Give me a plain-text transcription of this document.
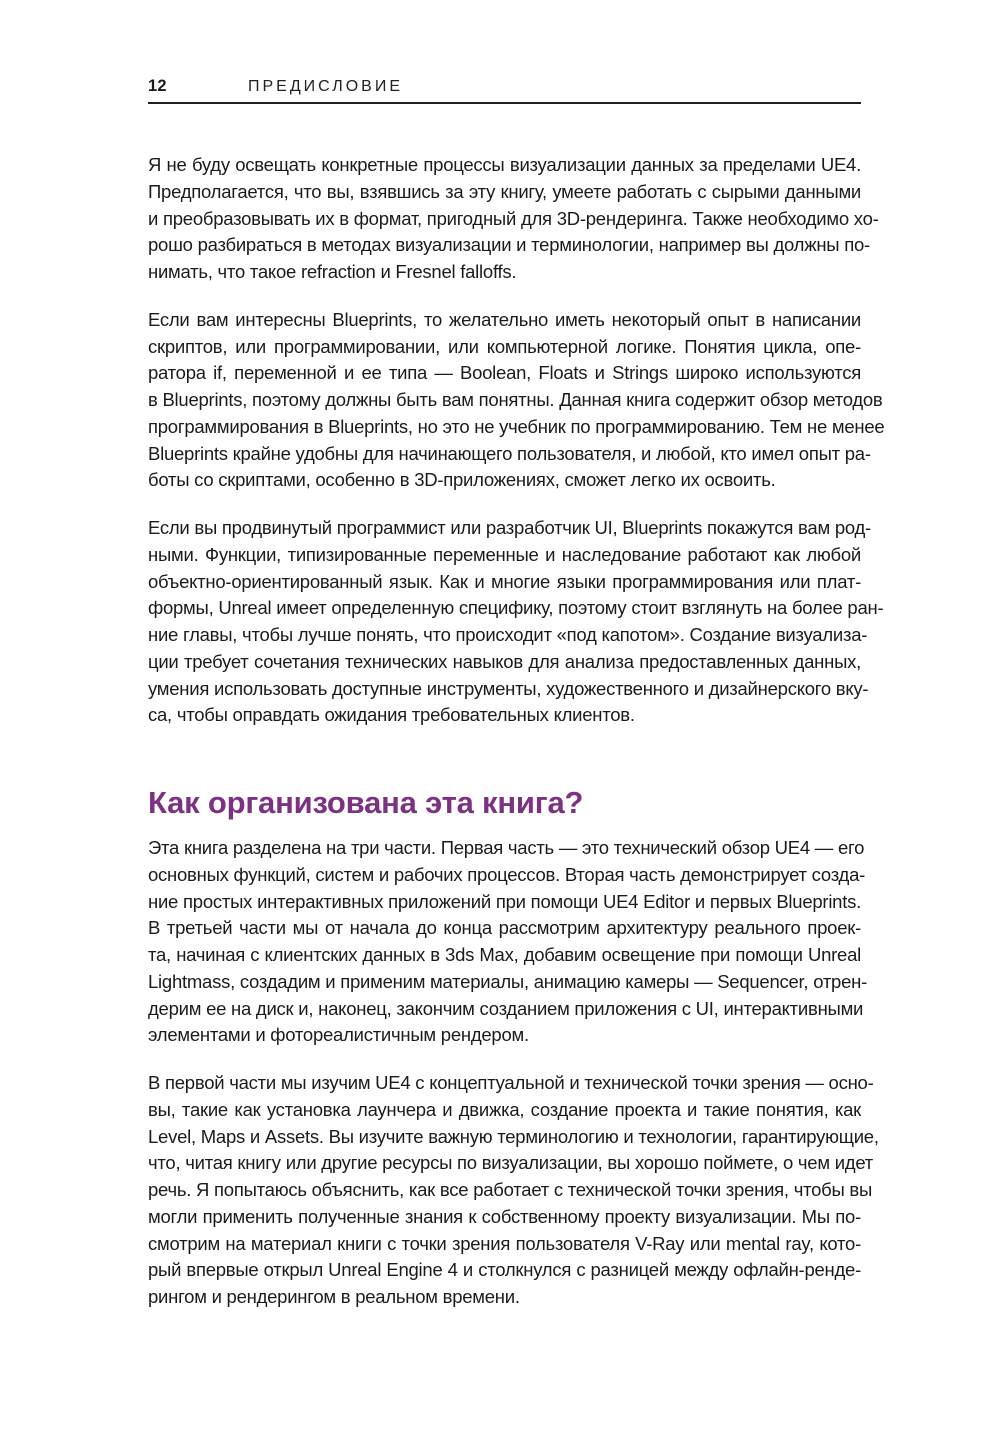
12	ПРЕДИСЛОВИЕ

Я не буду освещать конкретные процессы визуализации данных за пределами UE4.
Предполагается, что вы, взявшись за эту книгу, умеете работать с сырыми данными
и преобразовывать их в формат, пригодный для 3D-рендеринга. Также необходимо хо-
рошо разбираться в методах визуализации и терминологии, например вы должны по-
нимать, что такое refraction и Fresnel falloffs.

Если вам интересны Blueprints, то желательно иметь некоторый опыт в написании
скриптов, или программировании, или компьютерной логике. Понятия цикла, опе-
ратора if, переменной и ее типа — Boolean, Floats и Strings широко используются
в Blueprints, поэтому должны быть вам понятны. Данная книга содержит обзор методов
программирования в Blueprints, но это не учебник по программированию. Тем не менее
Blueprints крайне удобны для начинающего пользователя, и любой, кто имел опыт ра-
боты со скриптами, особенно в 3D-приложениях, сможет легко их освоить.

Если вы продвинутый программист или разработчик UI, Blueprints покажутся вам род-
ными. Функции, типизированные переменные и наследование работают как любой
объектно-ориентированный язык. Как и многие языки программирования или плат-
формы, Unreal имеет определенную специфику, поэтому стоит взглянуть на более ран-
ние главы, чтобы лучше понять, что происходит «под капотом». Создание визуализа-
ции требует сочетания технических навыков для анализа предоставленных данных,
умения использовать доступные инструменты, художественного и дизайнерского вку-
са, чтобы оправдать ожидания требовательных клиентов.

Как организована эта книга?

Эта книга разделена на три части. Первая часть — это технический обзор UE4 — его
основных функций, систем и рабочих процессов. Вторая часть демонстрирует созда-
ние простых интерактивных приложений при помощи UE4 Editor и первых Blueprints.
В третьей части мы от начала до конца рассмотрим архитектуру реального проек-
та, начиная с клиентских данных в 3ds Max, добавим освещение при помощи Unreal
Lightmass, создадим и применим материалы, анимацию камеры — Sequencer, отрен-
дерим ее на диск и, наконец, закончим созданием приложения с UI, интерактивными
элементами и фотореалистичным рендером.

В первой части мы изучим UE4 с концептуальной и технической точки зрения — осно-
вы, такие как установка лаунчера и движка, создание проекта и такие понятия, как
Level, Maps и Assets. Вы изучите важную терминологию и технологии, гарантирующие,
что, читая книгу или другие ресурсы по визуализации, вы хорошо поймете, о чем идет
речь. Я попытаюсь объяснить, как все работает с технической точки зрения, чтобы вы
могли применить полученные знания к собственному проекту визуализации. Мы по-
смотрим на материал книги с точки зрения пользователя V-Ray или mental ray, кото-
рый впервые открыл Unreal Engine 4 и столкнулся с разницей между офлайн-ренде-
рингом и рендерингом в реальном времени.
